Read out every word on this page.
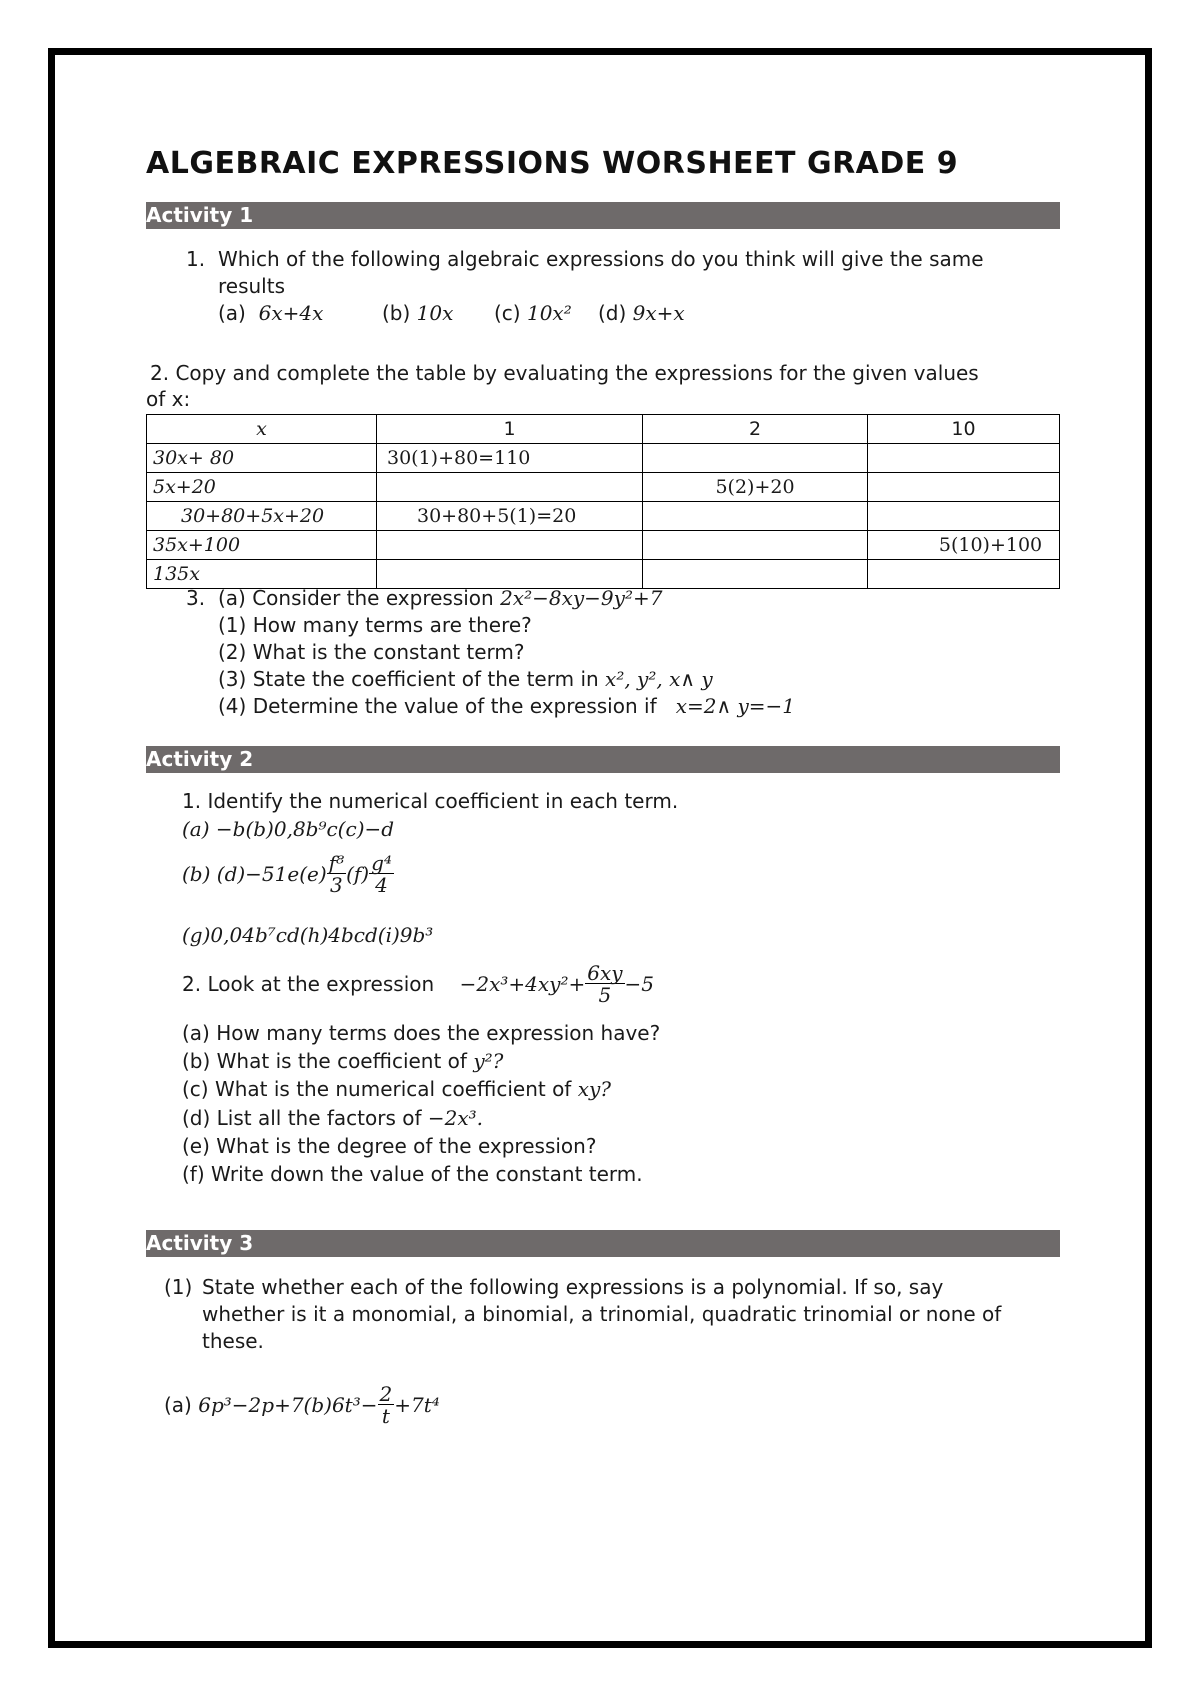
ALGEBRAIC EXPRESSIONS WORSHEET GRADE 9
Activity 1
1. Which of the following algebraic expressions do you think will give the same
results
(a) 6x+4x	(b) 10x (c) 10x² (d) 9x+x
2. Copy and complete the table by evaluating the expressions for the given values
of x:
x	1	2	10
30x+ 80	30(1)+80=110		
5x+20		5(2)+20	
30+80+5x+20	30+80+5(1)=20		
35x+100			5(10)+100
135x			
3. (a) Consider the expression 2x²−8xy−9y²+7
(1) How many terms are there?
(2) What is the constant term?
(3) State the coefficient of the term in x², y², x∧ y
(4) Determine the value of the expression if x=2∧ y=−1
Activity 2
1. Identify the numerical coefficient in each term.
(a) −b(b)0,8b⁹c(c)−d
(b) $(d)-51e(e) \frac{\text{f⁸}}{3} (f) \frac{\text{g⁴}}{4}$
(g)0,04b⁷cd(h)4bcd(i)9b³
2. Look at the expression
$-2x^3+4xy^2+ \frac{6xy}{5} -5$
(a) How many terms does the expression have?
(b) What is the coefficient of y²?
(c) What is the numerical coefficient of xy?
(d) List all the factors of −2x³.
(e) What is the degree of the expression?
(f) Write down the value of the constant term.
Activity 3
(1) State whether each of the following expressions is a polynomial. If so, say
whether is it a monomial, a binomial, a trinomial, quadratic trinomial or none of
these.
(a)
$6p^3-2p+7(b)6t^3- \frac{2}{t} +7t^4$
